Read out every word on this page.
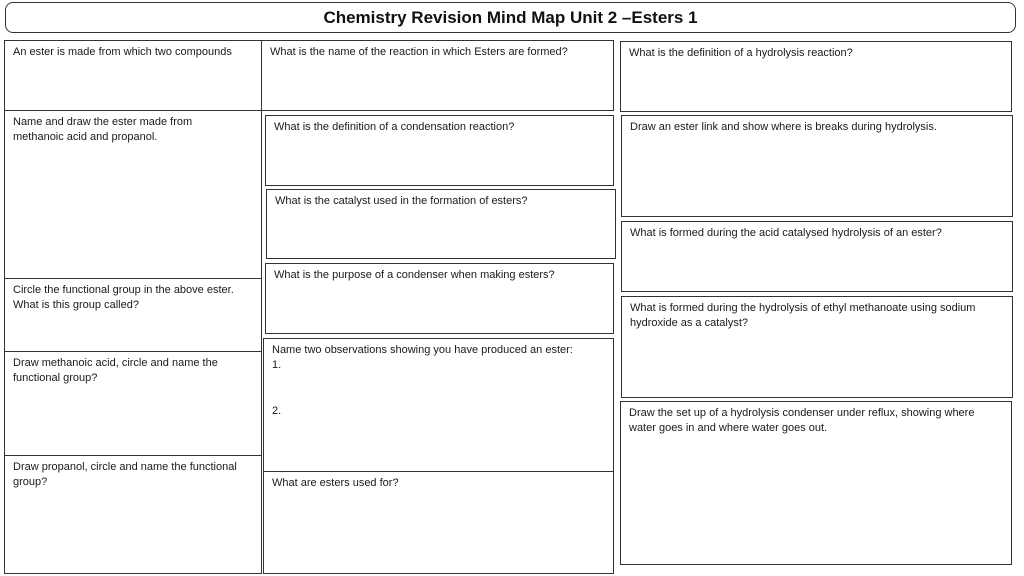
Chemistry Revision Mind Map Unit 2 –Esters 1

An ester is made from which two compounds

Name and draw the ester made from methanoic acid and propanol.

Circle the functional group in the above ester. What is this group called?

Draw methanoic acid, circle and name the functional group?

Draw propanol, circle and name the functional group?

What is the name of the reaction in which Esters are formed?

What is the definition of a condensation reaction?

What is the catalyst used in the formation of esters?

What is the purpose of a condenser when making esters?

Name two observations showing you have produced an ester:

1.

2.

What are esters used for?

What is the definition of a hydrolysis reaction?

Draw an ester link and show where is breaks during hydrolysis.

What is formed during the acid catalysed hydrolysis of an ester?

What is formed during the hydrolysis of ethyl methanoate using sodium hydroxide as a catalyst?

Draw the set up of a hydrolysis condenser under reflux, showing where water goes in and where water goes out.
